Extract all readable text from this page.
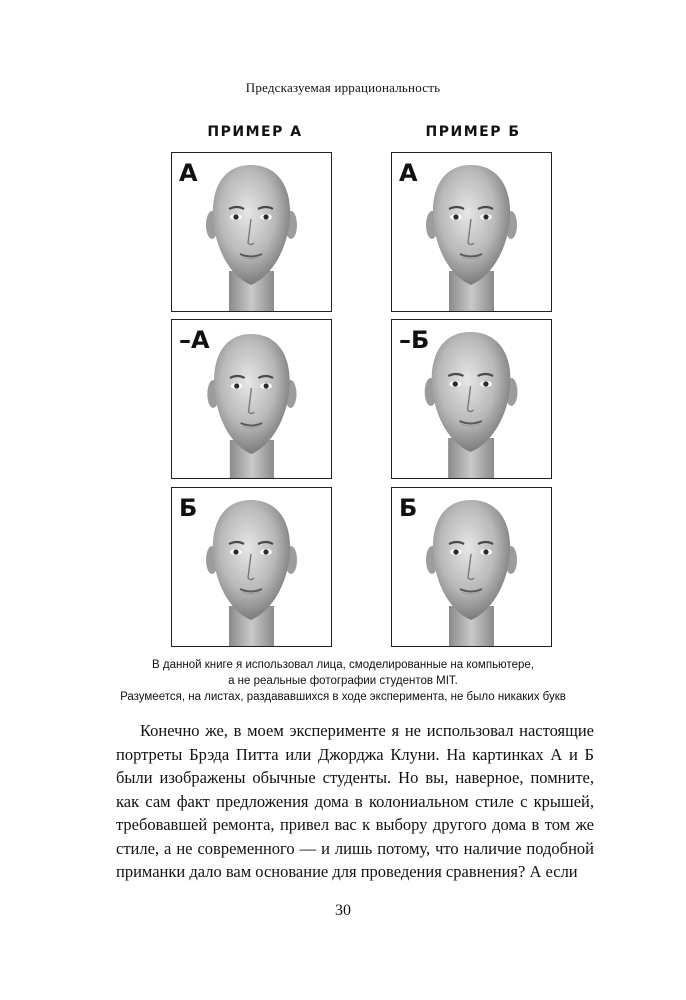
Предсказуемая иррациональность
ПРИМЕР А	ПРИМЕР Б
А	А
–А	–Б
Б	Б
В данной книге я использовал лица, смоделированные на компьютере,
а не реальные фотографии студентов MIT.
Разумеется, на листах, раздававшихся в ходе эксперимента, не было никаких букв

Конечно же, в моем эксперименте я не использовал настоящие портреты Брэда Питта или Джорджа Клуни. На картинках А и Б были изображены обычные студенты. Но вы, наверное, помните, как сам факт предложения дома в колониальном стиле с крышей, требовавшей ремонта, привел вас к выбору другого дома в том же стиле, а не современного — и лишь потому, что наличие подобной приманки дало вам основание для проведения сравнения? А если

30
